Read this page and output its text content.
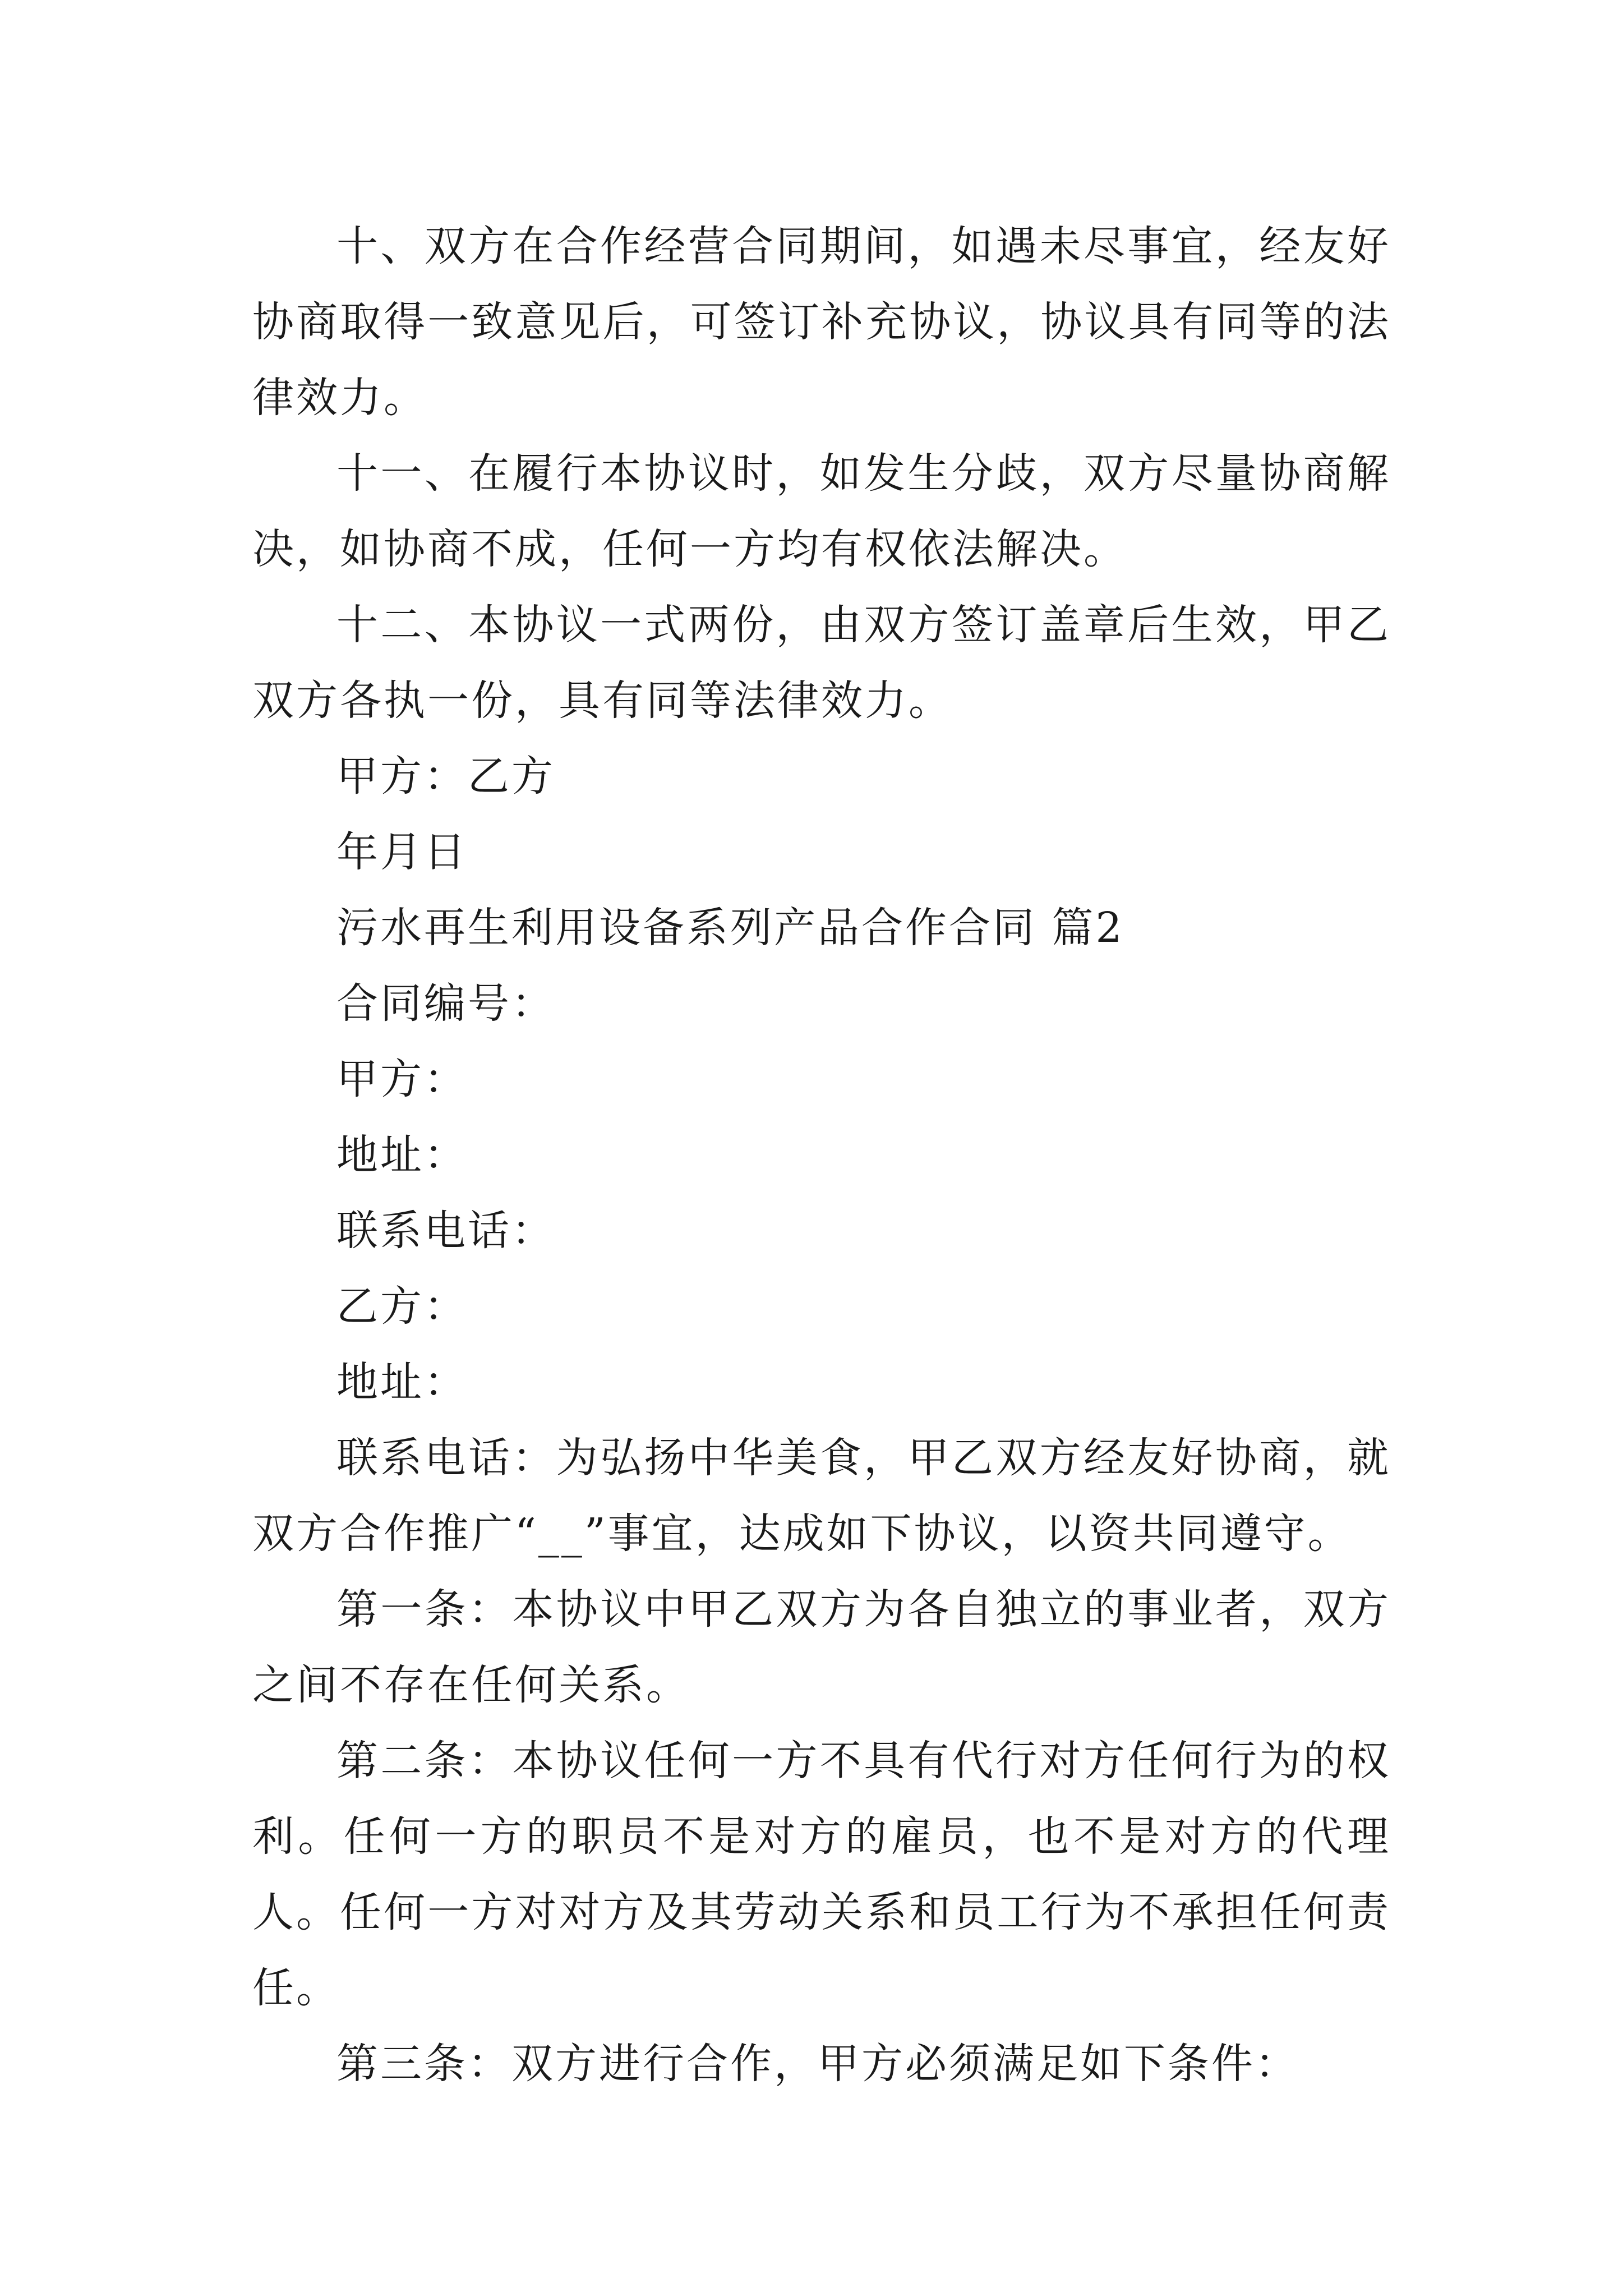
十、双方在合作经营合同期间，如遇未尽事宜，经友好协商取得一致意见后，可签订补充协议，协议具有同等的法律效力。

十一、在履行本协议时，如发生分歧，双方尽量协商解决，如协商不成，任何一方均有权依法解决。

十二、本协议一式两份，由双方签订盖章后生效，甲乙双方各执一份，具有同等法律效力。

甲方：乙方

年月日

污水再生利用设备系列产品合作合同 篇2

合同编号：

甲方：

地址：

联系电话：

乙方：

地址：

联系电话：为弘扬中华美食，甲乙双方经友好协商，就双方合作推广“__”事宜，达成如下协议，以资共同遵守。

第一条：本协议中甲乙双方为各自独立的事业者，双方之间不存在任何关系。

第二条：本协议任何一方不具有代行对方任何行为的权利。任何一方的职员不是对方的雇员，也不是对方的代理人。任何一方对对方及其劳动关系和员工行为不承担任何责任。

第三条：双方进行合作，甲方必须满足如下条件：
